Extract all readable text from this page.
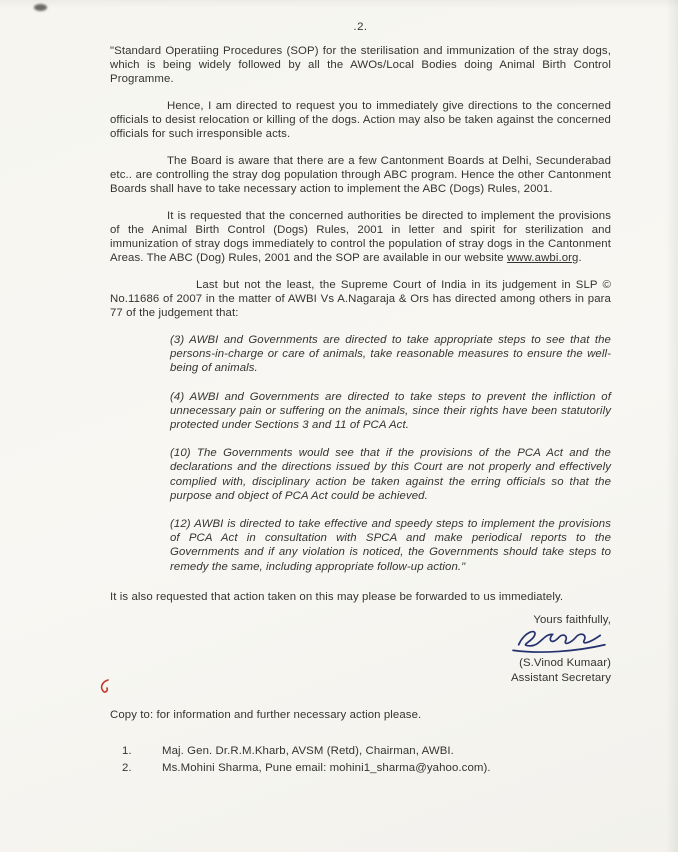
.2.

"Standard Operatiing Procedures (SOP) for the sterilisation and immunization of the stray dogs, which is being widely followed by all the AWOs/Local Bodies doing Animal Birth Control Programme.

Hence, I am directed to request you to immediately give directions to the concerned officials to desist relocation or killing of the dogs. Action may also be taken against the concerned officials for such irresponsible acts.

The Board is aware that there are a few Cantonment Boards at Delhi, Secunderabad etc.. are controlling the stray dog population through ABC program. Hence the other Cantonment Boards shall have to take necessary action to implement the ABC (Dogs) Rules, 2001.

It is requested that the concerned authorities be directed to implement the provisions of the Animal Birth Control (Dogs) Rules, 2001 in letter and spirit for sterilization and immunization of stray dogs immediately to control the population of stray dogs in the Cantonment Areas. The ABC (Dog) Rules, 2001 and the SOP are available in our website www.awbi.org.

Last but not the least, the Supreme Court of India in its judgement in SLP © No.11686 of 2007 in the matter of AWBI Vs A.Nagaraja & Ors has directed among others in para 77 of the judgement that:

(3) AWBI and Governments are directed to take appropriate steps to see that the persons-in-charge or care of animals, take reasonable measures to ensure the well-being of animals.

(4) AWBI and Governments are directed to take steps to prevent the infliction of unnecessary pain or suffering on the animals, since their rights have been statutorily protected under Sections 3 and 11 of PCA Act.

(10) The Governments would see that if the provisions of the PCA Act and the declarations and the directions issued by this Court are not properly and effectively complied with, disciplinary action be taken against the erring officials so that the purpose and object of PCA Act could be achieved.

(12) AWBI is directed to take effective and speedy steps to implement the provisions of PCA Act in consultation with SPCA and make periodical reports to the Governments and if any violation is noticed, the Governments should take steps to remedy the same, including appropriate follow-up action."

It is also requested that action taken on this may please be forwarded to us immediately.

Yours faithfully,
(S.Vinod Kumaar)
Assistant Secretary

Copy to: for information and further necessary action please.

1.	Maj. Gen. Dr.R.M.Kharb, AVSM (Retd), Chairman, AWBI.
2.	Ms.Mohini Sharma, Pune email: mohini1_sharma@yahoo.com).
